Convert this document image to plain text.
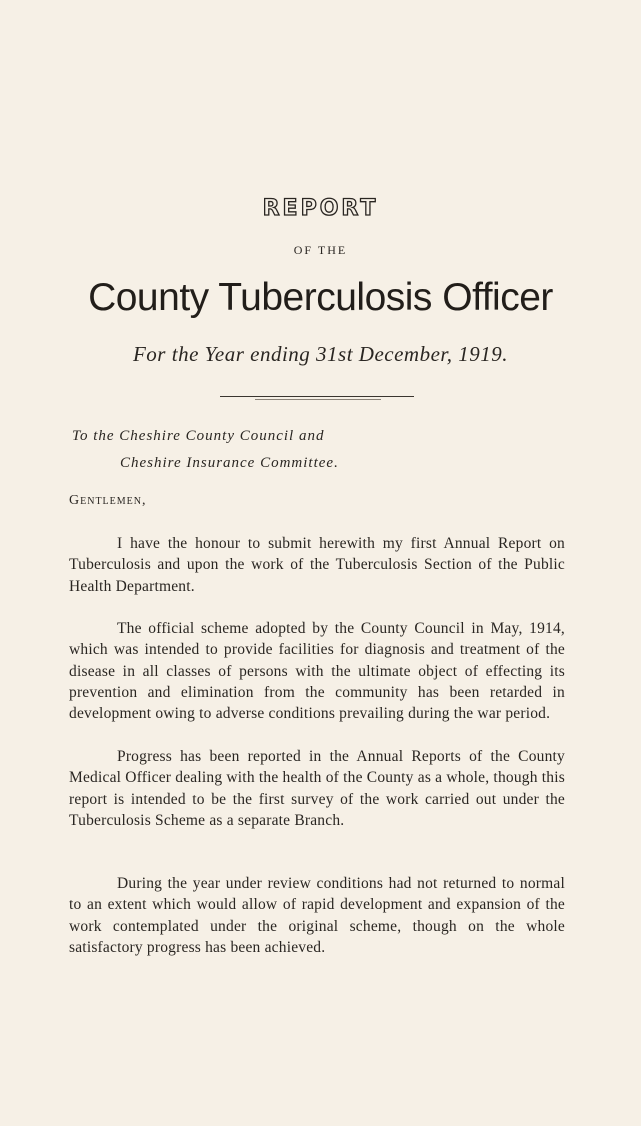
REPORT
OF THE
County Tuberculosis Officer
For the Year ending 31st December, 1919.
To the Cheshire County Council and
Cheshire Insurance Committee.
Gentlemen,

I have the honour to submit herewith my first Annual Report on Tuberculosis and upon the work of the Tuberculosis Section of the Public Health Department.

The official scheme adopted by the County Council in May, 1914, which was intended to provide facilities for diagnosis and treatment of the disease in all classes of persons with the ultimate object of effecting its prevention and elimination from the community has been retarded in development owing to adverse conditions prevailing during the war period.

Progress has been reported in the Annual Reports of the County Medical Officer dealing with the health of the County as a whole, though this report is intended to be the first survey of the work carried out under the Tuberculosis Scheme as a separate Branch.

During the year under review conditions had not returned to normal to an extent which would allow of rapid development and expansion of the work contemplated under the original scheme, though on the whole satisfactory progress has been achieved.
